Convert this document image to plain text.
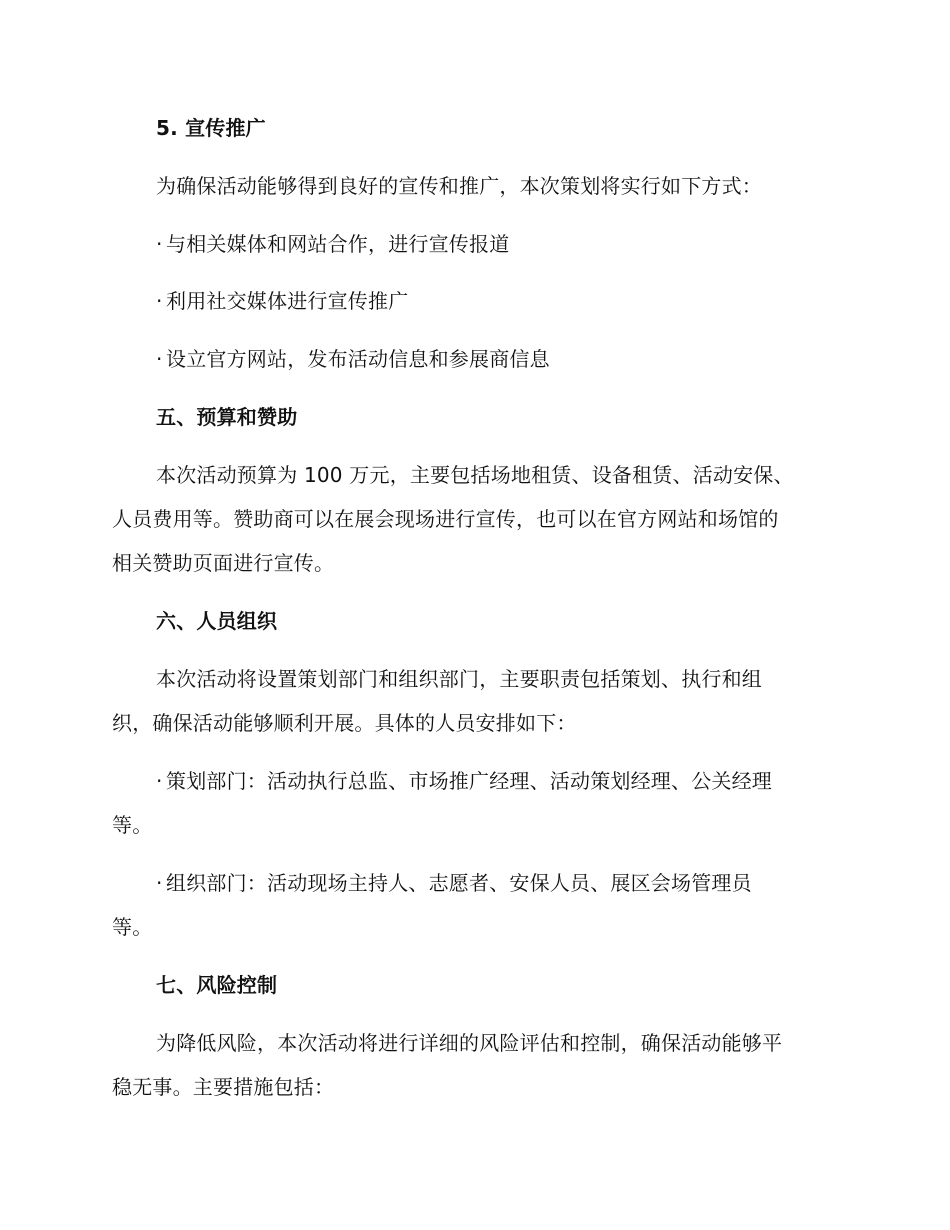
5. 宣传推广
为确保活动能够得到良好的宣传和推广，本次策划将实行如下方式：
· 与相关媒体和网站合作，进行宣传报道
· 利用社交媒体进行宣传推广
· 设立官方网站，发布活动信息和参展商信息
五、预算和赞助
本次活动预算为 100 万元，主要包括场地租赁、设备租赁、活动安保、
人员费用等。赞助商可以在展会现场进行宣传，也可以在官方网站和场馆的
相关赞助页面进行宣传。
六、人员组织
本次活动将设置策划部门和组织部门，主要职责包括策划、执行和组
织，确保活动能够顺利开展。具体的人员安排如下：
· 策划部门：活动执行总监、市场推广经理、活动策划经理、公关经理
等。
· 组织部门：活动现场主持人、志愿者、安保人员、展区会场管理员
等。
七、风险控制
为降低风险，本次活动将进行详细的风险评估和控制，确保活动能够平
稳无事。主要措施包括：
